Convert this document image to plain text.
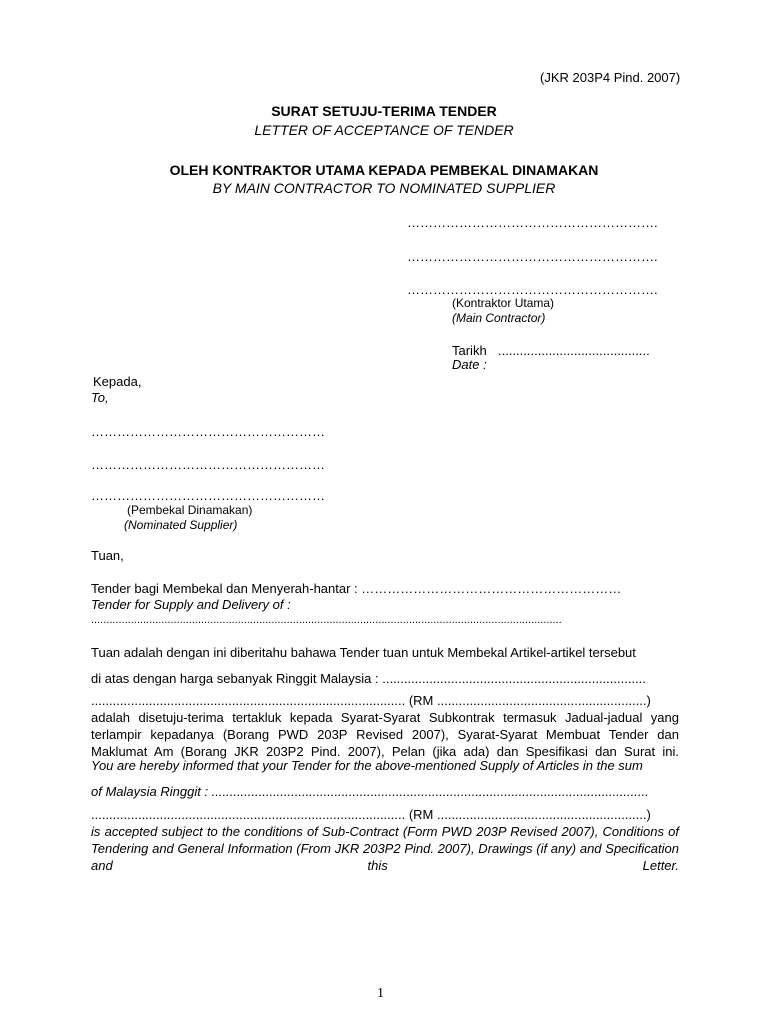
(JKR 203P4 Pind. 2007)
SURAT SETUJU-TERIMA TENDER
LETTER OF ACCEPTANCE OF TENDER
OLEH KONTRAKTOR UTAMA KEPADA PEMBEKAL DINAMAKAN
BY MAIN CONTRACTOR TO NOMINATED SUPPLIER
………………………………………………….
………………………………………………….
………………………………………………….
(Kontraktor Utama)
(Main Contractor)
Tarikh ..........................................
Date :
Kepada,
To,
………………………………………………
………………………………………………
………………………………………………
(Pembekal Dinamakan)
(Nominated Supplier)
Tuan,
Tender bagi Membekal dan Menyerah-hantar : ……………………………………………………
Tender for Supply and Delivery of :
..........................................................................................................................................................
Tuan adalah dengan ini diberitahu bahawa Tender tuan untuk Membekal Artikel-artikel tersebut
di atas dengan harga sebanyak Ringgit Malaysia : .........................................................................
....................................................................................... (RM ..........................................................)
adalah disetuju-terima tertakluk kepada Syarat-Syarat Subkontrak termasuk Jadual-jadual yang terlampir kepadanya (Borang PWD 203P Revised 2007), Syarat-Syarat Membuat Tender dan Maklumat Am (Borang JKR 203P2 Pind. 2007), Pelan (jika ada) dan Spesifikasi dan Surat ini.
You are hereby informed that your Tender for the above-mentioned Supply of Articles in the sum
of Malaysia Ringgit : .........................................................................................................................
....................................................................................... (RM ..........................................................)
is accepted subject to the conditions of Sub-Contract (Form PWD 203P Revised 2007), Conditions of Tendering and General Information (From JKR 203P2 Pind. 2007), Drawings (if any) and Specification and this Letter.
1
